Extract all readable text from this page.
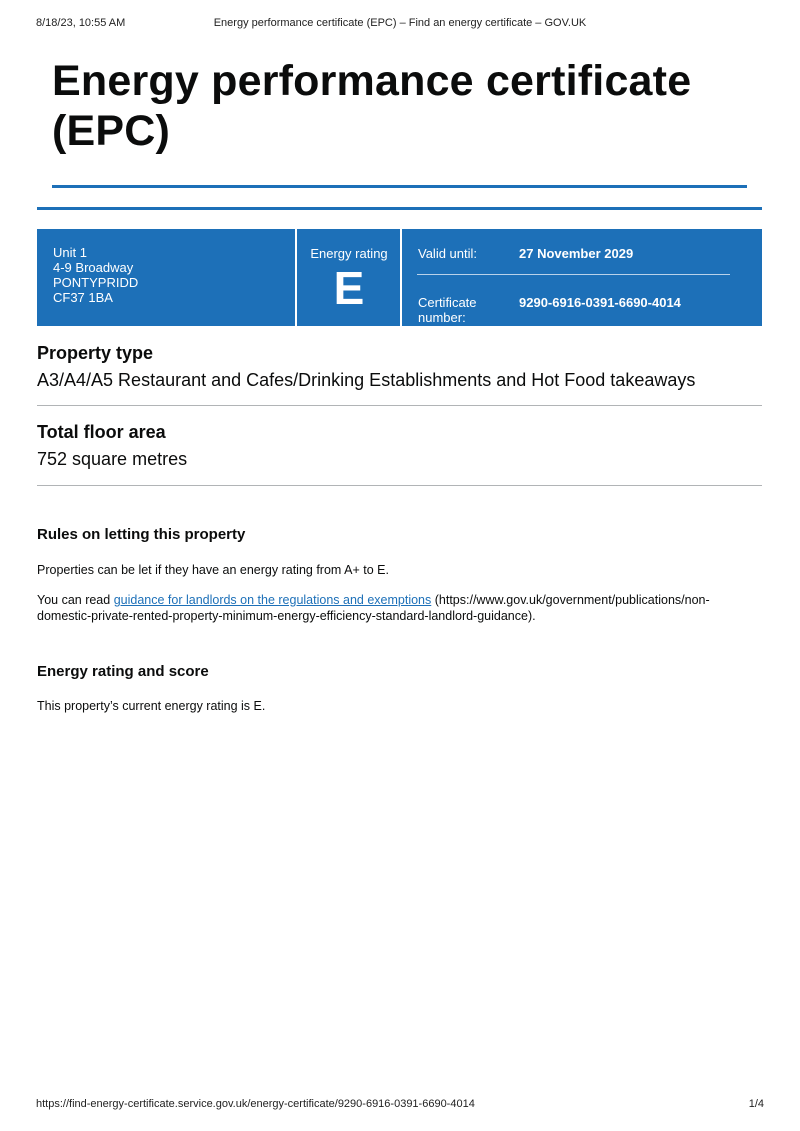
8/18/23, 10:55 AM	Energy performance certificate (EPC) – Find an energy certificate – GOV.UK
Energy performance certificate
(EPC)
Unit 1
4-9 Broadway
PONTYPRIDD
CF37 1BA
Energy rating
E
Valid until:	27 November 2029
Certificate
number:
9290-6916-0391-6690-4014
Property type

A3/A4/A5 Restaurant and Cafes/Drinking Establishments and Hot Food takeaways

Total floor area

752 square metres

Rules on letting this property

Properties can be let if they have an energy rating from A+ to E.

You can read guidance for landlords on the regulations and exemptions (https://www.gov.uk/government/publications/non-
domestic-private-rented-property-minimum-energy-efficiency-standard-landlord-guidance).

Energy rating and score

This property’s current energy rating is E.

https://find-energy-certificate.service.gov.uk/energy-certificate/9290-6916-0391-6690-4014	1/4
